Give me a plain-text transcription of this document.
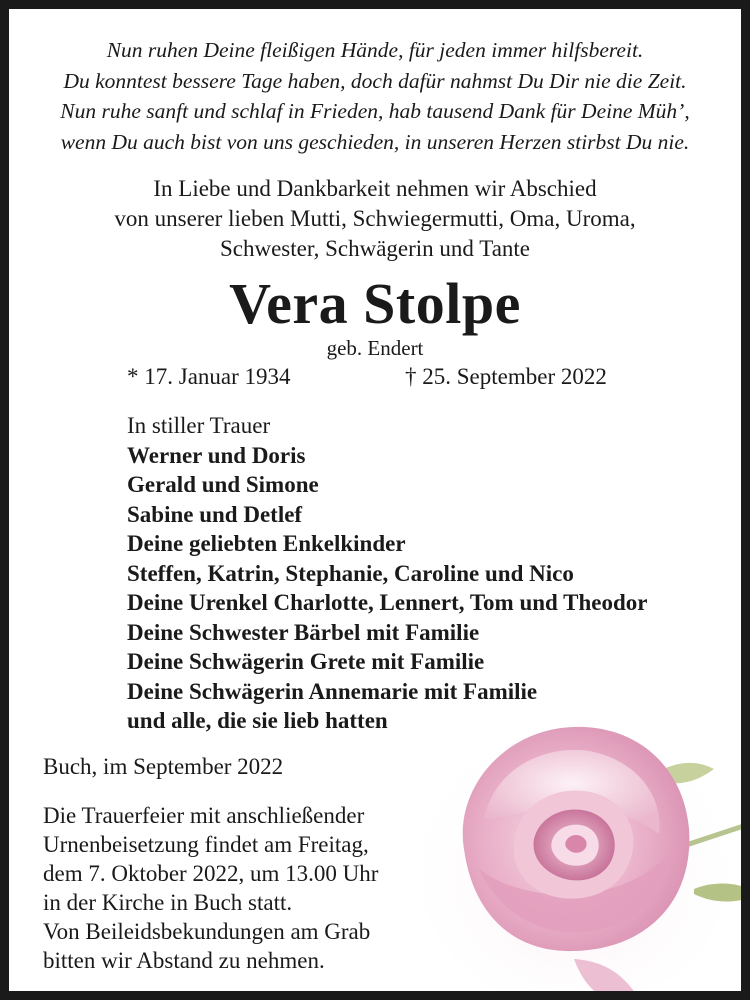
Nun ruhen Deine fleißigen Hände, für jeden immer hilfsbereit.
Du konntest bessere Tage haben, doch dafür nahmst Du Dir nie die Zeit.
Nun ruhe sanft und schlaf in Frieden, hab tausend Dank für Deine Müh’,
wenn Du auch bist von uns geschieden, in unseren Herzen stirbst Du nie.
In Liebe und Dankbarkeit nehmen wir Abschied
von unserer lieben Mutti, Schwiegermutti, Oma, Uroma,
Schwester, Schwägerin und Tante
Vera Stolpe
geb. Endert
* 17. Januar 1934	† 25. September 2022
In stiller Trauer
Werner und Doris
Gerald und Simone
Sabine und Detlef
Deine geliebten Enkelkinder
Steffen, Katrin, Stephanie, Caroline und Nico
Deine Urenkel Charlotte, Lennert, Tom und Theodor
Deine Schwester Bärbel mit Familie
Deine Schwägerin Grete mit Familie
Deine Schwägerin Annemarie mit Familie
und alle, die sie lieb hatten
Buch, im September 2022
Die Trauerfeier mit anschließender
Urnenbeisetzung findet am Freitag,
dem 7. Oktober 2022, um 13.00 Uhr
in der Kirche in Buch statt.
Von Beileidsbekundungen am Grab
bitten wir Abstand zu nehmen.
